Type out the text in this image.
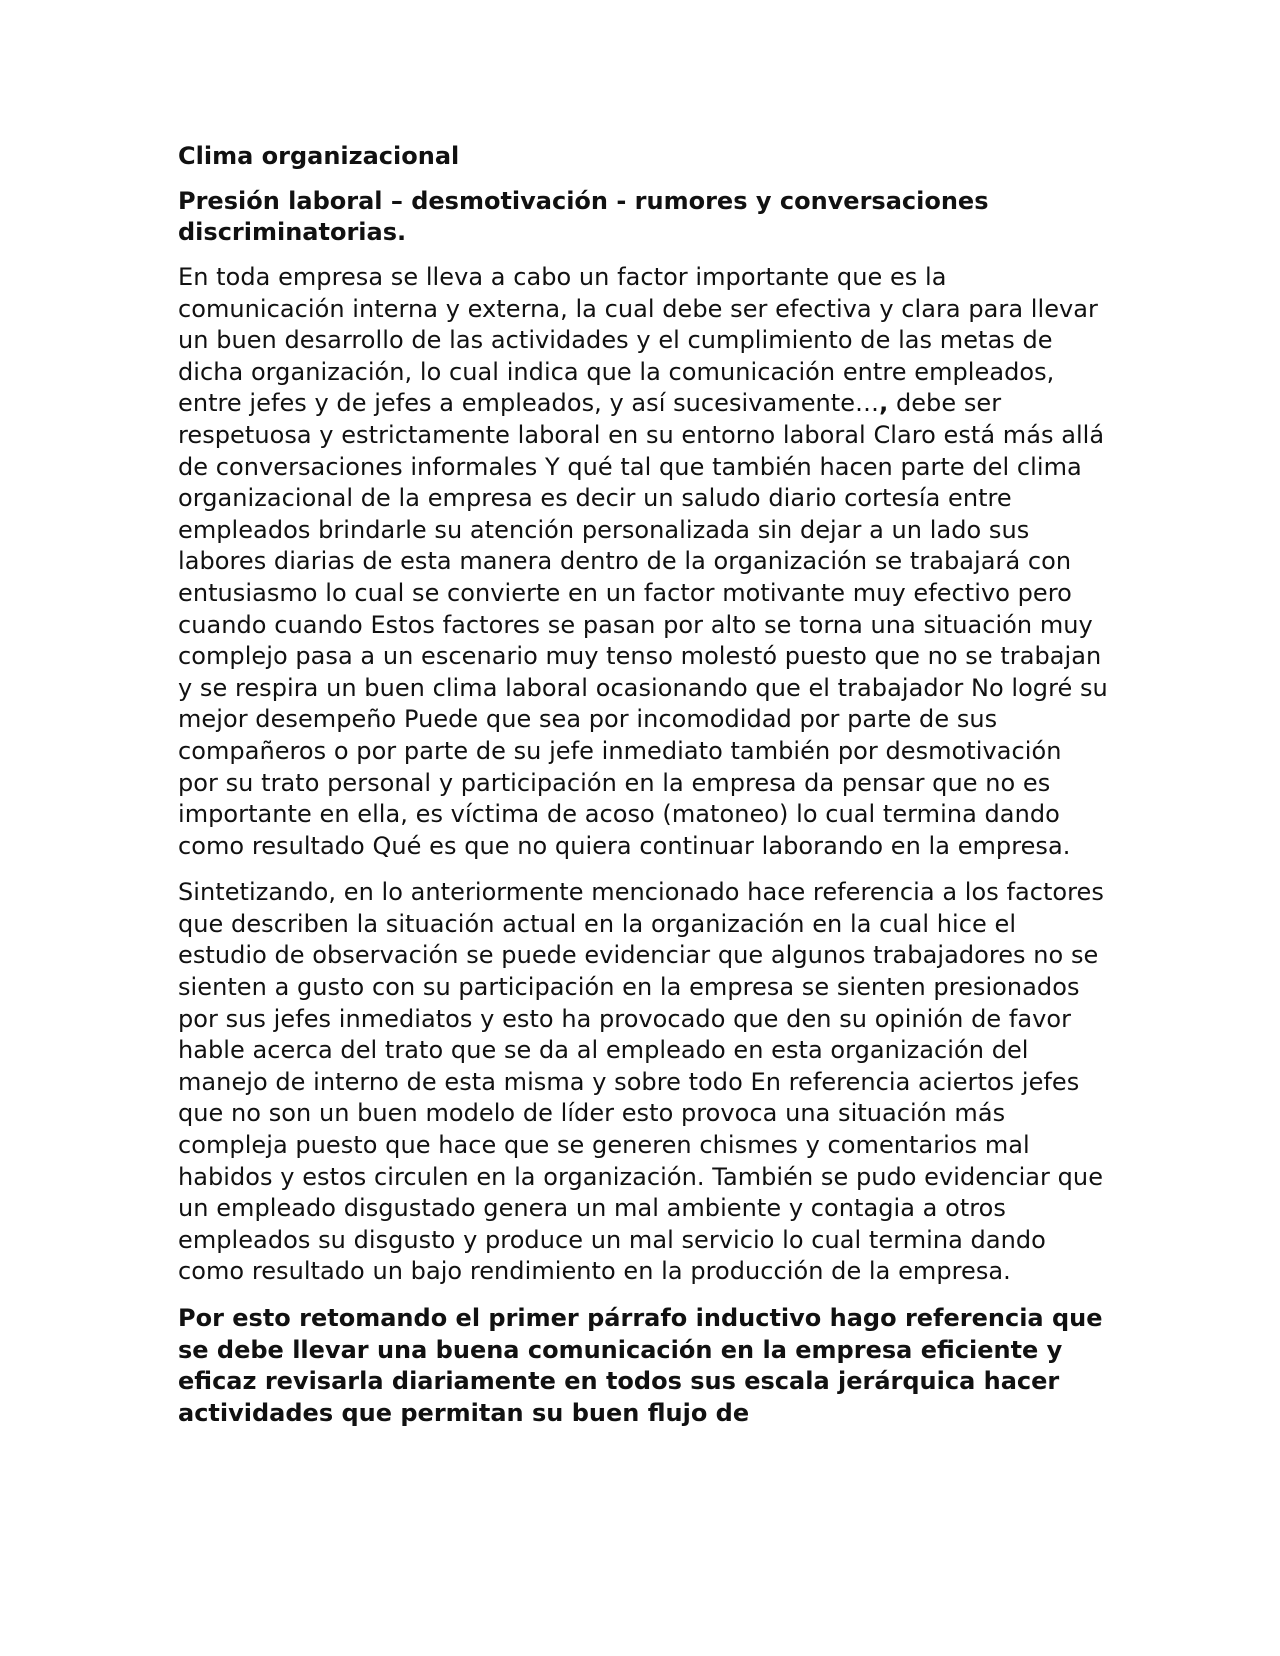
Clima organizacional

Presión laboral – desmotivación - rumores y conversaciones discriminatorias.

En toda empresa se lleva a cabo un factor importante que es la comunicación interna y externa, la cual debe ser efectiva y clara para llevar un buen desarrollo de las actividades y el cumplimiento de las metas de dicha organización, lo cual indica que la comunicación entre empleados, entre jefes y de jefes a empleados, y así sucesivamente…, debe ser respetuosa y estrictamente laboral en su entorno laboral Claro está más allá de conversaciones informales Y qué tal que también hacen parte del clima organizacional de la empresa es decir un saludo diario cortesía entre empleados brindarle su atención personalizada sin dejar a un lado sus labores diarias de esta manera dentro de la organización se trabajará con entusiasmo lo cual se convierte en un factor motivante muy efectivo pero cuando cuando Estos factores se pasan por alto se torna una situación muy complejo pasa a un escenario muy tenso molestó puesto que no se trabajan y se respira un buen clima laboral ocasionando que el trabajador No logré su mejor desempeño Puede que sea por incomodidad por parte de sus compañeros o por parte de su jefe inmediato también por desmotivación por su trato personal y participación en la empresa da pensar que no es importante en ella, es víctima de acoso (matoneo) lo cual termina dando como resultado Qué es que no quiera continuar laborando en la empresa.

Sintetizando, en lo anteriormente mencionado hace referencia a los factores que describen la situación actual en la organización en la cual hice el estudio de observación se puede evidenciar que algunos trabajadores no se sienten a gusto con su participación en la empresa se sienten presionados por sus jefes inmediatos y esto ha provocado que den su opinión de favor hable acerca del trato que se da al empleado en esta organización del manejo de interno de esta misma y sobre todo En referencia aciertos jefes que no son un buen modelo de líder esto provoca una situación más compleja puesto que hace que se generen chismes y comentarios mal habidos y estos circulen en la organización. También se pudo evidenciar que un empleado disgustado genera un mal ambiente y contagia a otros empleados su disgusto y produce un mal servicio lo cual termina dando como resultado un bajo rendimiento en la producción de la empresa.

Por esto retomando el primer párrafo inductivo hago referencia que se debe llevar una buena comunicación en la empresa eficiente y eficaz revisarla diariamente en todos sus escala jerárquica hacer actividades que permitan su buen flujo de
